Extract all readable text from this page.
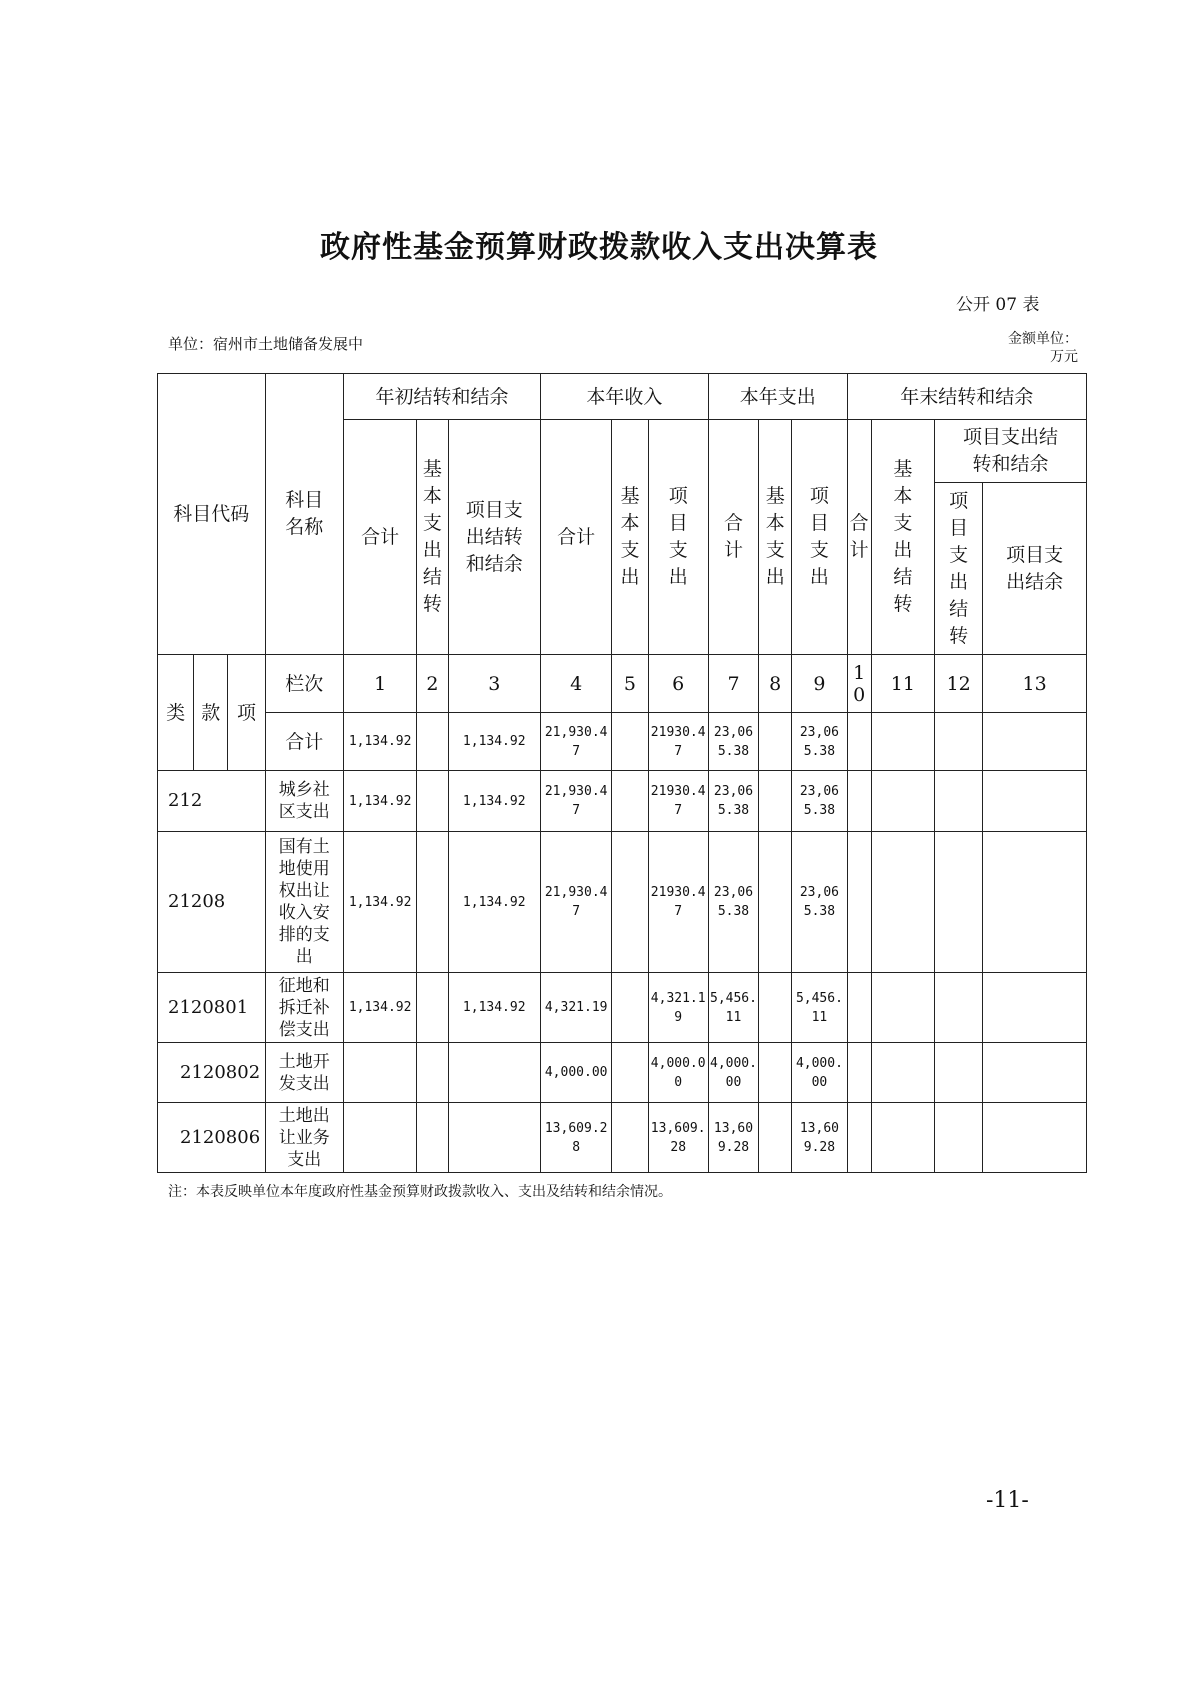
政府性基金预算财政拨款收入支出决算表
公开 07 表
单位：宿州市土地储备发展中	金额单位：
万元
科目代码			科目名称	年初结转和结余			本年收入			本年支出			年末结转和结余			
				合计	基本支出结转	项目支出结转和结余	合计	基本支出	项目支出	合计	基本支出	项目支出	合计	基本支出结转	项目支出结转和结余	
															项目支出结转	项目支出结余
类	款	项	栏次	1	2	3	4	5	6	7	8	9	10	11	12	13
			合计	1,134.92		1,134.92	21,930.47		21930.47	23,065.38		23,065.38				
212			城乡社区支出	1,134.92		1,134.92	21,930.47		21930.47	23,065.38		23,065.38				
21208			国有土地使用权出让收入安排的支出	1,134.92		1,134.92	21,930.47		21930.47	23,065.38		23,065.38				
2120801			征地和拆迁补偿支出	1,134.92		1,134.92	4,321.19		4,321.19	5,456.11		5,456.11				
2120802			土地开发支出				4,000.00		4,000.00	4,000.00		4,000.00				
2120806			土地出让业务支出				13,609.28		13,609.28	13,609.28		13,609.28				
注：本表反映单位本年度政府性基金预算财政拨款收入、支出及结转和结余情况。
-11-
